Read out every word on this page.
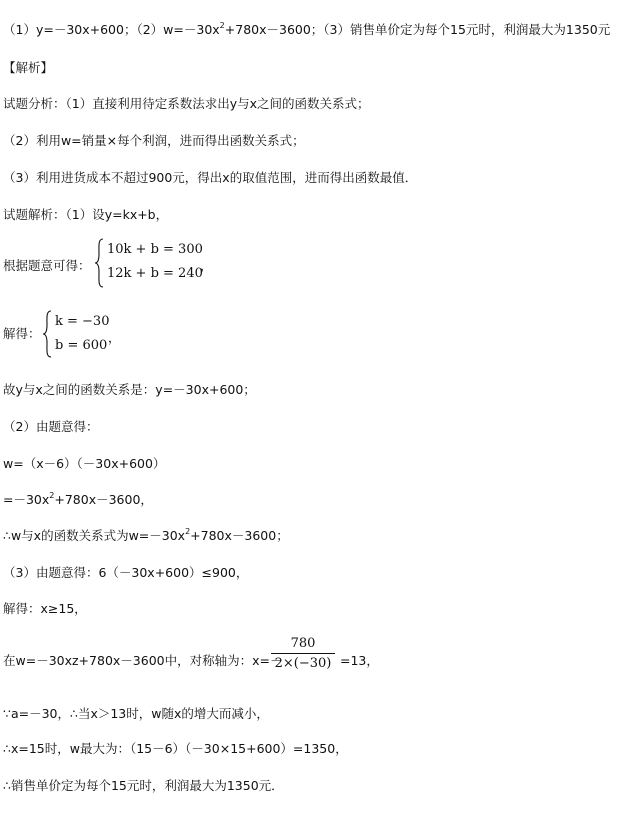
（1）y=－30x+600；$(2)w=-30x^2+780x-3600$；（3）销售单价定为每个15元时，利润最大为1350元
【解析】
试题分析：（1）直接利用待定系数法求出y与x之间的函数关系式；
（2）利用w=销量×每个利润，进而得出函数关系式；
（3）利用进货成本不超过900元，得出x的取值范围，进而得出函数最值．
试题解析：（1）设y=kx+b，
根据题意可得：
10k + b = 300
12k + b = 240
，
解得：
k = −30
b = 600
，
故y与x之间的函数关系是：y=－30x+600；
（2）由题意得：
w=（x－6）（－30x+600）
$=-30x^2+780x-3600$，
∴w与x的函数关系式为$w=-30x^2+780x-3600$；
（3）由题意得：6（－30x+600）≤900，
解得：x≥15，
在w=－30xz+780x－3600中，对称轴为：x=－
780
2×(−30) =13，
∵a=－30，∴当x＞13时，w随x的增大而减小，
∴x=15时，w最大为：（15－6）（－30×15+600）=1350，
∴销售单价定为每个15元时，利润最大为1350元．
